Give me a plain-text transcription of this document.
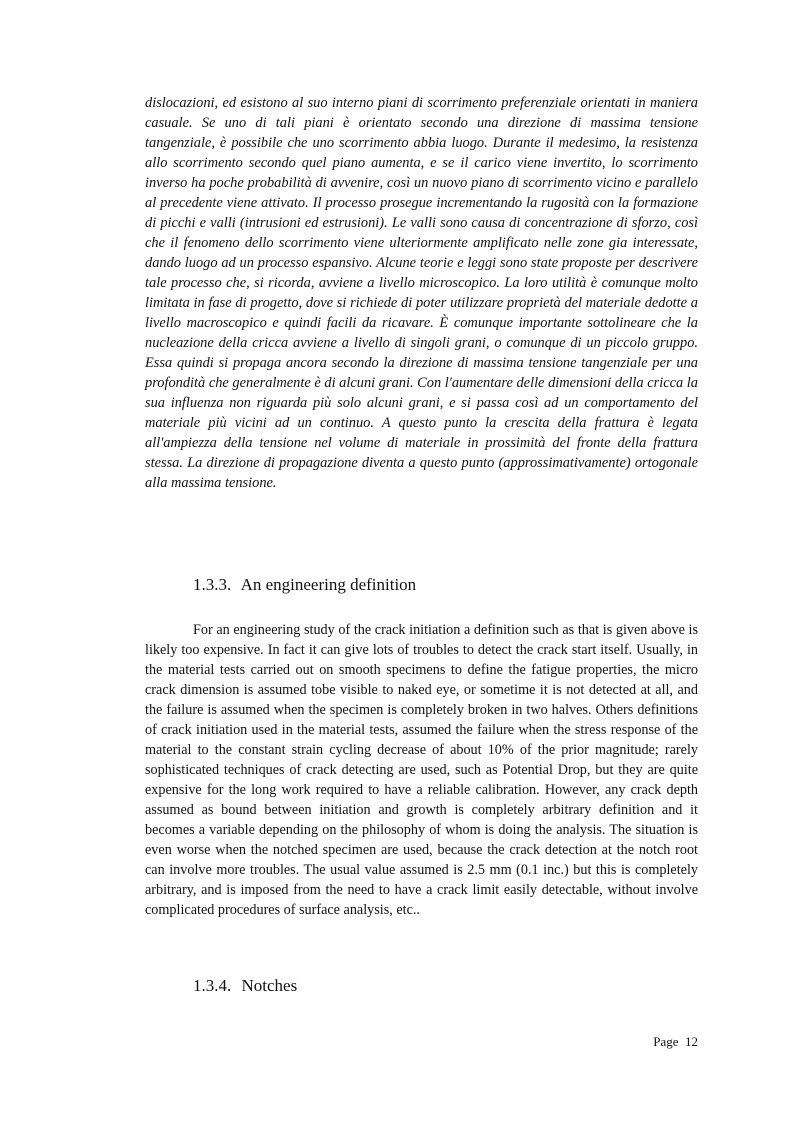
dislocazioni, ed esistono al suo interno piani di scorrimento preferenziale orientati in maniera casuale. Se uno di tali piani è orientato secondo una direzione di massima tensione tangenziale, è possibile che uno scorrimento abbia luogo. Durante il medesimo, la resistenza allo scorrimento secondo quel piano aumenta, e se il carico viene invertito, lo scorrimento inverso ha poche probabilità di avvenire, così un nuovo piano di scorrimento vicino e parallelo al precedente viene attivato. Il processo prosegue incrementando la rugosità con la formazione di picchi e valli (intrusioni ed estrusioni). Le valli sono causa di concentrazione di sforzo, così che il fenomeno dello scorrimento viene ulteriormente amplificato nelle zone gia interessate, dando luogo ad un processo espansivo. Alcune teorie e leggi sono state proposte per descrivere tale processo che, si ricorda, avviene a livello microscopico. La loro utilità è comunque molto limitata in fase di progetto, dove si richiede di poter utilizzare proprietà del materiale dedotte a livello macroscopico e quindi facili da ricavare. È comunque importante sottolineare che la nucleazione della cricca avviene a livello di singoli grani, o comunque di un piccolo gruppo. Essa quindi si propaga ancora secondo la direzione di massima tensione tangenziale per una profondità che generalmente è di alcuni grani. Con l'aumentare delle dimensioni della cricca la sua influenza non riguarda più solo alcuni grani, e si passa così ad un comportamento del materiale più vicini ad un continuo. A questo punto la crescita della frattura è legata all'ampiezza della tensione nel volume di materiale in prossimità del fronte della frattura stessa. La direzione di propagazione diventa a questo punto (approssimativamente) ortogonale alla massima tensione.

1.3.3. An engineering definition

For an engineering study of the crack initiation a definition such as that is given above is likely too expensive. In fact it can give lots of troubles to detect the crack start itself. Usually, in the material tests carried out on smooth specimens to define the fatigue properties, the micro crack dimension is assumed tobe visible to naked eye, or sometime it is not detected at all, and the failure is assumed when the specimen is completely broken in two halves. Others definitions of crack initiation used in the material tests, assumed the failure when the stress response of the material to the constant strain cycling decrease of about 10% of the prior magnitude; rarely sophisticated techniques of crack detecting are used, such as Potential Drop, but they are quite expensive for the long work required to have a reliable calibration. However, any crack depth assumed as bound between initiation and growth is completely arbitrary definition and it becomes a variable depending on the philosophy of whom is doing the analysis. The situation is even worse when the notched specimen are used, because the crack detection at the notch root can involve more troubles. The usual value assumed is 2.5 mm (0.1 inc.) but this is completely arbitrary, and is imposed from the need to have a crack limit easily detectable, without involve complicated procedures of surface analysis, etc..

1.3.4. Notches
Page  12
